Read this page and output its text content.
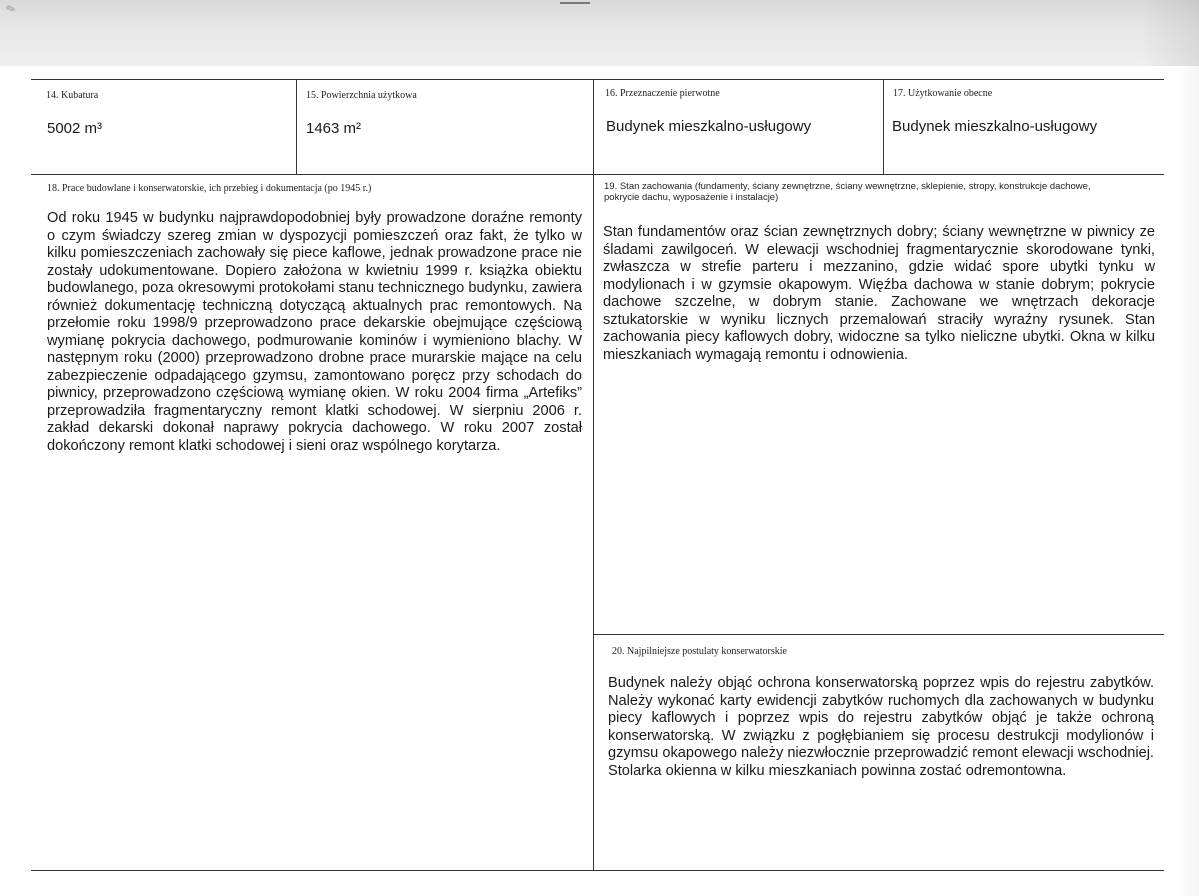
✎
14. Kubatura
5002 m³
15. Powierzchnia użytkowa
1463 m²
16. Przeznaczenie pierwotne
Budynek mieszkalno-usługowy
17. Użytkowanie obecne
Budynek mieszkalno-usługowy
18. Prace budowlane i konserwatorskie, ich przebieg i dokumentacja (po 1945 r.)
Od roku 1945 w budynku najprawdopodobniej były prowadzone doraźne remonty o czym świadczy szereg zmian w dyspozycji pomieszczeń oraz fakt, że tylko w kilku pomieszczeniach zachowały się piece kaflowe, jednak prowadzone prace nie zostały udokumentowane. Dopiero założona w kwietniu 1999 r. książka obiektu budowlanego, poza okresowymi protokołami stanu technicznego budynku, zawiera również dokumentację techniczną dotyczącą aktualnych prac remontowych. Na przełomie roku 1998/9 przeprowadzono prace dekarskie obejmujące częściową wymianę pokrycia dachowego, podmurowanie kominów i wymieniono blachy. W następnym roku (2000) przeprowadzono drobne prace murarskie mające na celu zabezpieczenie odpadającego gzymsu, zamontowano poręcz przy schodach do piwnicy, przeprowadzono częściową wymianę okien. W roku 2004 firma „Artefiks” przeprowadziła fragmentaryczny remont klatki schodowej. W sierpniu 2006 r. zakład dekarski dokonał naprawy pokrycia dachowego. W roku 2007 został dokończony remont klatki schodowej i sieni oraz wspólnego korytarza.
19. Stan zachowania (fundamenty, ściany zewnętrzne, ściany wewnętrzne, sklepienie, stropy, konstrukcje dachowe, pokrycie dachu, wyposażenie i instalacje)
Stan fundamentów oraz ścian zewnętrznych dobry; ściany wewnętrzne w piwnicy ze śladami zawilgoceń. W elewacji wschodniej fragmentarycznie skorodowane tynki, zwłaszcza w strefie parteru i mezzanino, gdzie widać spore ubytki tynku w modylionach i w gzymsie okapowym. Więźba dachowa w stanie dobrym; pokrycie dachowe szczelne, w dobrym stanie. Zachowane we wnętrzach dekoracje sztukatorskie w wyniku licznych przemalowań straciły wyraźny rysunek. Stan zachowania piecy kaflowych dobry, widoczne sa tylko nieliczne ubytki. Okna w kilku mieszkaniach wymagają remontu i odnowienia.
20. Najpilniejsze postulaty konserwatorskie
Budynek należy objąć ochrona konserwatorską poprzez wpis do rejestru zabytków. Należy wykonać karty ewidencji zabytków ruchomych dla zachowanych w budynku piecy kaflowych i poprzez wpis do rejestru zabytków objąć je także ochroną konserwatorską. W związku z pogłębianiem się procesu destrukcji modylionów i gzymsu okapowego należy niezwłocznie przeprowadzić remont elewacji wschodniej. Stolarka okienna w kilku mieszkaniach powinna zostać odremontowna.
